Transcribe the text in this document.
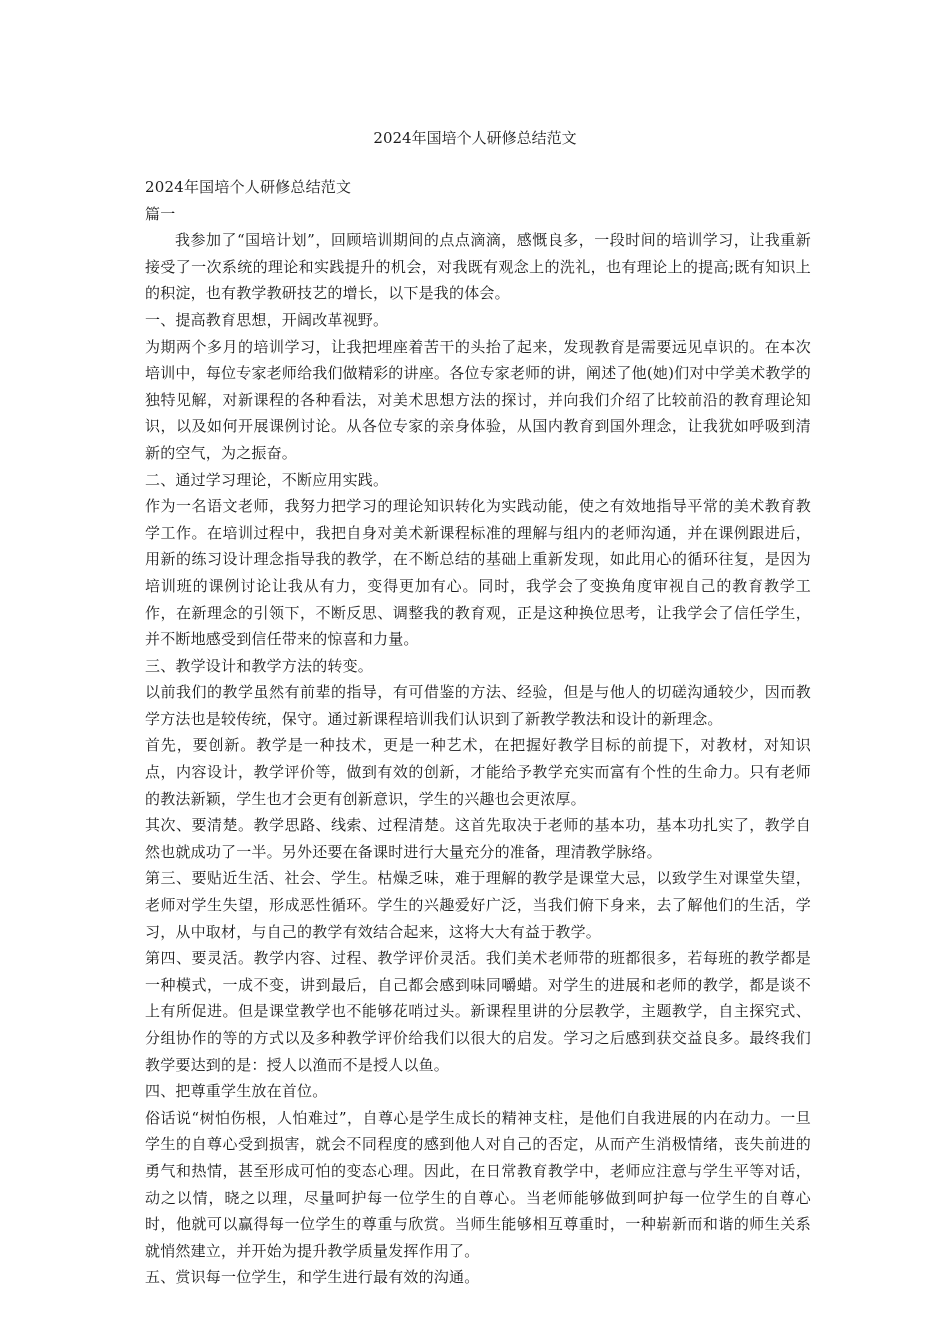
2024年国培个人研修总结范文

2024年国培个人研修总结范文

篇一

我参加了“国培计划”，回顾培训期间的点点滴滴，感慨良多，一段时间的培训学习，让我重新接受了一次系统的理论和实践提升的机会，对我既有观念上的洗礼，也有理论上的提高;既有知识上的积淀，也有教学教研技艺的增长，以下是我的体会。

一、提高教育思想，开阔改革视野。

为期两个多月的培训学习，让我把埋座着苦干的头抬了起来，发现教育是需要远见卓识的。在本次培训中，每位专家老师给我们做精彩的讲座。各位专家老师的讲，阐述了他(她)们对中学美术教学的独特见解，对新课程的各种看法，对美术思想方法的探讨，并向我们介绍了比较前沿的教育理论知识，以及如何开展课例讨论。从各位专家的亲身体验，从国内教育到国外理念，让我犹如呼吸到清新的空气，为之振奋。

二、通过学习理论，不断应用实践。

作为一名语文老师，我努力把学习的理论知识转化为实践动能，使之有效地指导平常的美术教育教学工作。在培训过程中，我把自身对美术新课程标准的理解与组内的老师沟通，并在课例跟进后，用新的练习设计理念指导我的教学，在不断总结的基础上重新发现，如此用心的循环往复，是因为培训班的课例讨论让我从有力，变得更加有心。同时，我学会了变换角度审视自己的教育教学工作，在新理念的引领下，不断反思、调整我的教育观，正是这种换位思考，让我学会了信任学生，并不断地感受到信任带来的惊喜和力量。

三、教学设计和教学方法的转变。

以前我们的教学虽然有前辈的指导，有可借鉴的方法、经验，但是与他人的切磋沟通较少，因而教学方法也是较传统，保守。通过新课程培训我们认识到了新教学教法和设计的新理念。

首先，要创新。教学是一种技术，更是一种艺术，在把握好教学目标的前提下，对教材，对知识点，内容设计，教学评价等，做到有效的创新，才能给予教学充实而富有个性的生命力。只有老师的教法新颖，学生也才会更有创新意识，学生的兴趣也会更浓厚。

其次、要清楚。教学思路、线索、过程清楚。这首先取决于老师的基本功，基本功扎实了，教学自然也就成功了一半。另外还要在备课时进行大量充分的准备，理清教学脉络。

第三、要贴近生活、社会、学生。枯燥乏味，难于理解的教学是课堂大忌，以致学生对课堂失望，老师对学生失望，形成恶性循环。学生的兴趣爱好广泛，当我们俯下身来，去了解他们的生活，学习，从中取材，与自己的教学有效结合起来，这将大大有益于教学。

第四、要灵活。教学内容、过程、教学评价灵活。我们美术老师带的班都很多，若每班的教学都是一种模式，一成不变，讲到最后，自己都会感到味同嚼蜡。对学生的进展和老师的教学，都是谈不上有所促进。但是课堂教学也不能够花哨过头。新课程里讲的分层教学，主题教学，自主探究式、分组协作的等的方式以及多种教学评价给我们以很大的启发。学习之后感到获交益良多。最终我们教学要达到的是：授人以渔而不是授人以鱼。

四、把尊重学生放在首位。

俗话说“树怕伤根，人怕难过”，自尊心是学生成长的精神支柱，是他们自我进展的内在动力。一旦学生的自尊心受到损害，就会不同程度的感到他人对自己的否定，从而产生消极情绪，丧失前进的勇气和热情，甚至形成可怕的变态心理。因此，在日常教育教学中，老师应注意与学生平等对话，动之以情，晓之以理，尽量呵护每一位学生的自尊心。当老师能够做到呵护每一位学生的自尊心时，他就可以赢得每一位学生的尊重与欣赏。当师生能够相互尊重时，一种崭新而和谐的师生关系就悄然建立，并开始为提升教学质量发挥作用了。

五、赏识每一位学生，和学生进行最有效的沟通。
